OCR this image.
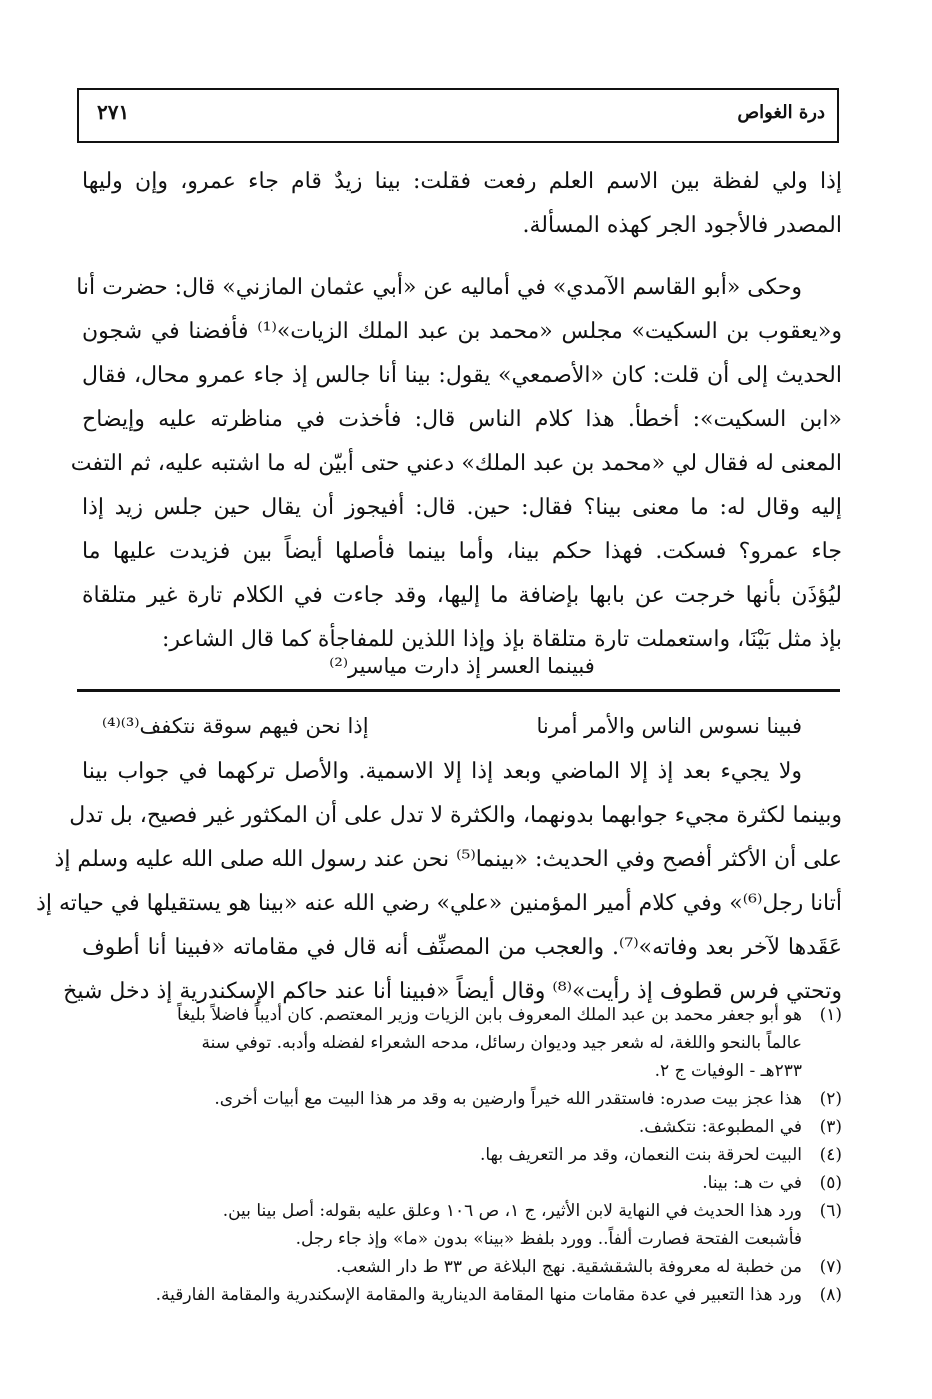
درة الغواص
٢٧١
إذا ولي لفظة بين الاسم العلم رفعت فقلت: بينا زيدٌ قام جاء عمرو، وإن وليها
المصدر فالأجود الجر كهذه المسألة.
وحكى «أبو القاسم الآمدي» في أماليه عن «أبي عثمان المازني» قال: حضرت أنا
و«يعقوب بن السكيت» مجلس «محمد بن عبد الملك الزيات»⁽¹⁾ فأفضنا في شجون
الحديث إلى أن قلت: كان «الأصمعي» يقول: بينا أنا جالس إذ جاء عمرو محال، فقال
«ابن السكيت»: أخطأ. هذا كلام الناس قال: فأخذت في مناظرته عليه وإيضاح
المعنى له فقال لي «محمد بن عبد الملك» دعني حتى أبيّن له ما اشتبه عليه، ثم التفت
إليه وقال له: ما معنى بينا؟ فقال: حين. قال: أفيجوز أن يقال حين جلس زيد إذا
جاء عمرو؟ فسكت. فهذا حكم بينا، وأما بينما فأصلها أيضاً بين فزيدت عليها ما
ليُؤذَن بأنها خرجت عن بابها بإضافة ما إليها، وقد جاءت في الكلام تارة غير متلقاة
بإذ مثل بَيْنَا، واستعملت تارة متلقاة بإذ وإذا اللذين للمفاجأة كما قال الشاعر:
فبينما العسر إذ دارت مياسير⁽²⁾
فبينا نسوس الناس والأمر أمرنا
إذا نحن فيهم سوقة نتكفف⁽³⁾⁽⁴⁾
ولا يجيء بعد إذ إلا الماضي وبعد إذا إلا الاسمية. والأصل تركهما في جواب بينا
وبينما لكثرة مجيء جوابهما بدونهما، والكثرة لا تدل على أن المكثور غير فصيح، بل تدل
على أن الأكثر أفصح وفي الحديث: «بينما⁽⁵⁾ نحن عند رسول الله صلى الله عليه وسلم إذ
أتانا رجل⁽⁶⁾» وفي كلام أمير المؤمنين «علي» رضي الله عنه «بينا هو يستقيلها في حياته إذ
عَقَدها لآخر بعد وفاته»⁽⁷⁾. والعجب من المصنِّف أنه قال في مقاماته «فبينا أنا أطوف
وتحتي فرس قطوف إذ رأيت»⁽⁸⁾ وقال أيضاً «فبينا أنا عند حاكم الإسكندرية إذ دخل شيخ
(١)هو أبو جعفر محمد بن عبد الملك المعروف بابن الزيات وزير المعتصم. كان أديباً فاضلاً بليغاً
عالماً بالنحو واللغة، له شعر جيد وديوان رسائل، مدحه الشعراء لفضله وأدبه. توفي سنة
٢٣٣هـ - الوفيات ج ٢.
(٢)هذا عجز بيت صدره: فاستقدر الله خيراً وارضين به وقد مر هذا البيت مع أبيات أخرى.
(٣)في المطبوعة: نتكشف.
(٤)البيت لحرقة بنت النعمان، وقد مر التعريف بها.
(٥)في ت هـ: بينا.
(٦)ورد هذا الحديث في النهاية لابن الأثير، ج ١، ص ١٠٦ وعلق عليه بقوله: أصل بينا بين.
فأشبعت الفتحة فصارت ألفاً.. وورد بلفظ «بينا» بدون «ما» وإذ جاء رجل.
(٧)من خطبة له معروفة بالشقشقية. نهج البلاغة ص ٣٣ ط دار الشعب.
(٨)ورد هذا التعبير في عدة مقامات منها المقامة الدينارية والمقامة الإسكندرية والمقامة الفارقية.
